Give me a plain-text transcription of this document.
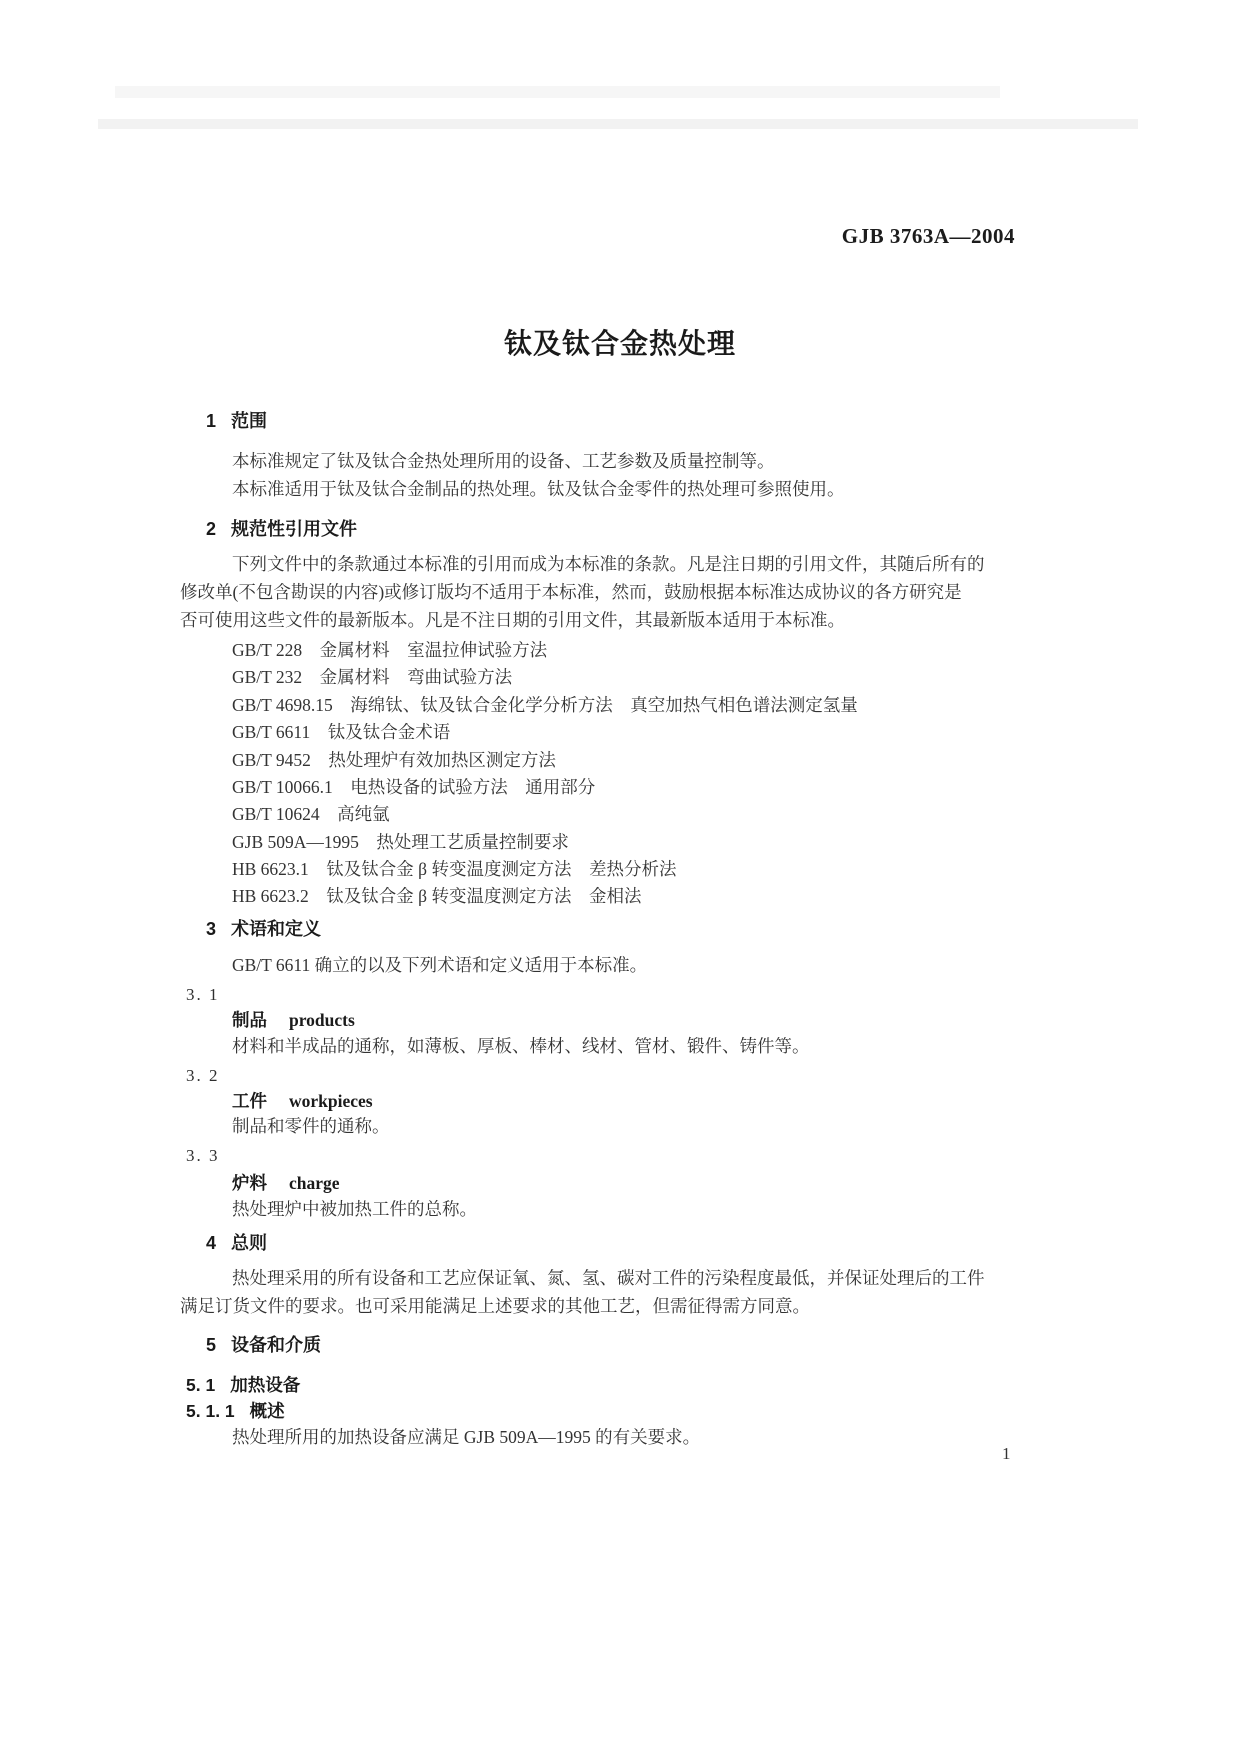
GJB 3763A—2004
钛及钛合金热处理
1 范围
本标准规定了钛及钛合金热处理所用的设备、工艺参数及质量控制等。
本标准适用于钛及钛合金制品的热处理。钛及钛合金零件的热处理可参照使用。
2 规范性引用文件
下列文件中的条款通过本标准的引用而成为本标准的条款。凡是注日期的引用文件，其随后所有的
修改单(不包含勘误的内容)或修订版均不适用于本标准，然而，鼓励根据本标准达成协议的各方研究是
否可使用这些文件的最新版本。凡是不注日期的引用文件，其最新版本适用于本标准。
GB/T 228　金属材料　室温拉伸试验方法
GB/T 232　金属材料　弯曲试验方法
GB/T 4698.15　海绵钛、钛及钛合金化学分析方法　真空加热气相色谱法测定氢量
GB/T 6611　钛及钛合金术语
GB/T 9452　热处理炉有效加热区测定方法
GB/T 10066.1　电热设备的试验方法　通用部分
GB/T 10624　高纯氩
GJB 509A—1995　热处理工艺质量控制要求
HB 6623.1　钛及钛合金 β 转变温度测定方法　差热分析法
HB 6623.2　钛及钛合金 β 转变温度测定方法　金相法
3 术语和定义
GB/T 6611 确立的以及下列术语和定义适用于本标准。
3. 1
制品 products
材料和半成品的通称，如薄板、厚板、棒材、线材、管材、锻件、铸件等。
3. 2
工件 workpieces
制品和零件的通称。
3. 3
炉料 charge
热处理炉中被加热工件的总称。
4 总则
热处理采用的所有设备和工艺应保证氧、氮、氢、碳对工件的污染程度最低，并保证处理后的工件
满足订货文件的要求。也可采用能满足上述要求的其他工艺，但需征得需方同意。
5 设备和介质
5. 1 加热设备
5. 1. 1 概述
热处理所用的加热设备应满足 GJB 509A—1995 的有关要求。
1
